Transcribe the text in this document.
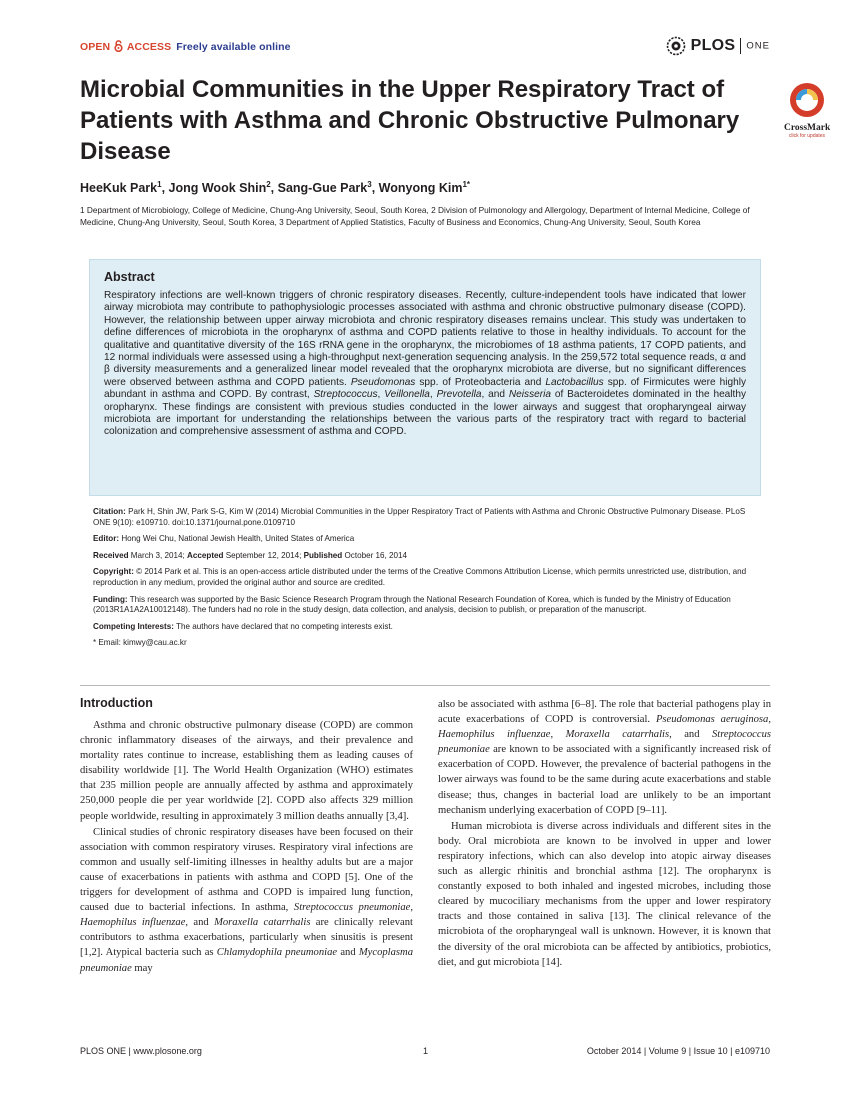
OPEN ACCESS Freely available online	PLOS ONE
Microbial Communities in the Upper Respiratory Tract of Patients with Asthma and Chronic Obstructive Pulmonary Disease
CrossMark
click for updates
HeeKuk Park$^1$, Jong Wook Shin$^2$, Sang-Gue Park$^3$, Wonyong Kim$^{1*}$
1 Department of Microbiology, College of Medicine, Chung-Ang University, Seoul, South Korea, 2 Division of Pulmonology and Allergology, Department of Internal Medicine, College of Medicine, Chung-Ang University, Seoul, South Korea, 3 Department of Applied Statistics, Faculty of Business and Economics, Chung-Ang University, Seoul, South Korea
Abstract

Respiratory infections are well-known triggers of chronic respiratory diseases. Recently, culture-independent tools have indicated that lower airway microbiota may contribute to pathophysiologic processes associated with asthma and chronic obstructive pulmonary disease (COPD). However, the relationship between upper airway microbiota and chronic respiratory diseases remains unclear. This study was undertaken to define differences of microbiota in the oropharynx of asthma and COPD patients relative to those in healthy individuals. To account for the qualitative and quantitative diversity of the 16S rRNA gene in the oropharynx, the microbiomes of 18 asthma patients, 17 COPD patients, and 12 normal individuals were assessed using a high-throughput next-generation sequencing analysis. In the 259,572 total sequence reads, α and β diversity measurements and a generalized linear model revealed that the oropharynx microbiota are diverse, but no significant differences were observed between asthma and COPD patients. Pseudomonas spp. of Proteobacteria and Lactobacillus spp. of Firmicutes were highly abundant in asthma and COPD. By contrast, Streptococcus, Veillonella, Prevotella, and Neisseria of Bacteroidetes dominated in the healthy oropharynx. These findings are consistent with previous studies conducted in the lower airways and suggest that oropharyngeal airway microbiota are important for understanding the relationships between the various parts of the respiratory tract with regard to bacterial colonization and comprehensive assessment of asthma and COPD.

Citation: Park H, Shin JW, Park S-G, Kim W (2014) Microbial Communities in the Upper Respiratory Tract of Patients with Asthma and Chronic Obstructive Pulmonary Disease. PLoS ONE 9(10): e109710. doi:10.1371/journal.pone.0109710

Editor: Hong Wei Chu, National Jewish Health, United States of America

Received March 3, 2014; Accepted September 12, 2014; Published October 16, 2014

Copyright: © 2014 Park et al. This is an open-access article distributed under the terms of the Creative Commons Attribution License, which permits unrestricted use, distribution, and reproduction in any medium, provided the original author and source are credited.

Funding: This research was supported by the Basic Science Research Program through the National Research Foundation of Korea, which is funded by the Ministry of Education (2013R1A1A2A10012148). The funders had no role in the study design, data collection, and analysis, decision to publish, or preparation of the manuscript.

Competing Interests: The authors have declared that no competing interests exist.

* Email: kimwy@cau.ac.kr

Introduction

Asthma and chronic obstructive pulmonary disease (COPD) are common chronic inflammatory diseases of the airways, and their prevalence and mortality rates continue to increase, establishing them as leading causes of disability worldwide [1]. The World Health Organization (WHO) estimates that 235 million people are annually affected by asthma and approximately 250,000 people die per year worldwide [2]. COPD also affects 329 million people worldwide, resulting in approximately 3 million deaths annually [3,4].

Clinical studies of chronic respiratory diseases have been focused on their association with common respiratory viruses. Respiratory viral infections are common and usually self-limiting illnesses in healthy adults but are a major cause of exacerbations in patients with asthma and COPD [5]. One of the triggers for development of asthma and COPD is impaired lung function, caused due to bacterial infections. In asthma, Streptococcus pneumoniae, Haemophilus influenzae, and Moraxella catarrhalis are clinically relevant contributors to asthma exacerbations, particularly when sinusitis is present [1,2]. Atypical bacteria such as Chlamydophila pneumoniae and Mycoplasma pneumoniae may

also be associated with asthma [6–8]. The role that bacterial pathogens play in acute exacerbations of COPD is controversial. Pseudomonas aeruginosa, Haemophilus influenzae, Moraxella catarrhalis, and Streptococcus pneumoniae are known to be associated with a significantly increased risk of exacerbation of COPD. However, the prevalence of bacterial pathogens in the lower airways was found to be the same during acute exacerbations and stable disease; thus, changes in bacterial load are unlikely to be an important mechanism underlying exacerbation of COPD [9–11].

Human microbiota is diverse across individuals and different sites in the body. Oral microbiota are known to be involved in upper and lower respiratory infections, which can also develop into atopic airway diseases such as allergic rhinitis and bronchial asthma [12]. The oropharynx is constantly exposed to both inhaled and ingested microbes, including those cleared by mucociliary mechanisms from the upper and lower respiratory tracts and those contained in saliva [13]. The clinical relevance of the microbiota of the oropharyngeal wall is unknown. However, it is known that the diversity of the oral microbiota can be affected by antibiotics, probiotics, diet, and gut microbiota [14].

PLOS ONE | www.plosone.org	1	October 2014 | Volume 9 | Issue 10 | e109710
